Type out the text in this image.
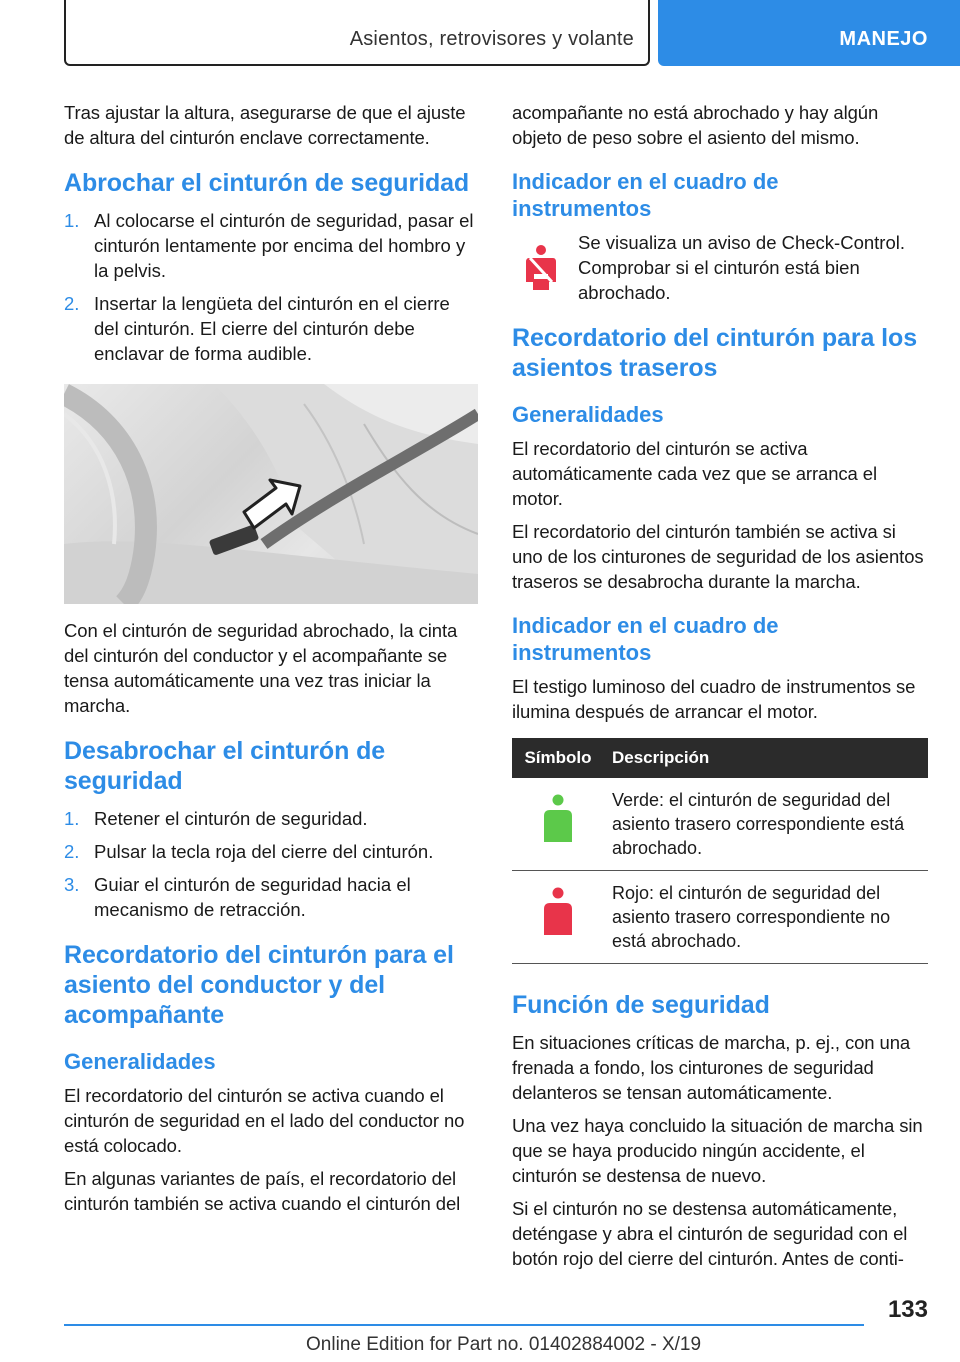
Asientos, retrovisores y volante	MANEJO

Tras ajustar la altura, asegurarse de que el ajuste de altura del cinturón enclave correctamente.

Abrochar el cinturón de seguridad
1. Al colocarse el cinturón de seguridad, pasar el cinturón lentamente por encima del hombro y la pelvis.
2. Insertar la lengüeta del cinturón en el cierre del cinturón. El cierre del cinturón debe enclavar de forma audible.

Con el cinturón de seguridad abrochado, la cinta del cinturón del conductor y el acompañante se tensa automáticamente una vez tras iniciar la marcha.

Desabrochar el cinturón de seguridad
1. Retener el cinturón de seguridad.
2. Pulsar la tecla roja del cierre del cinturón.
3. Guiar el cinturón de seguridad hacia el mecanismo de retracción.
Recordatorio del cinturón para el asiento del conductor y del acompañante
Generalidades

El recordatorio del cinturón se activa cuando el cinturón de seguridad en el lado del conductor no está colocado.

En algunas variantes de país, el recordatorio del cinturón también se activa cuando el cinturón del

acompañante no está abrochado y hay algún objeto de peso sobre el asiento del mismo.

Indicador en el cuadro de instrumentos
Se visualiza un aviso de Check-Control. Comprobar si el cinturón está bien abrochado.
Recordatorio del cinturón para los asientos traseros
Generalidades

El recordatorio del cinturón se activa automáticamente cada vez que se arranca el motor.

El recordatorio del cinturón también se activa si uno de los cinturones de seguridad de los asientos traseros se desabrocha durante la marcha.

Indicador en el cuadro de instrumentos

El testigo luminoso del cuadro de instrumentos se ilumina después de arrancar el motor.

Símbolo	Descripción
	Verde: el cinturón de seguridad del asiento trasero correspondiente está abrochado.
	Rojo: el cinturón de seguridad del asiento trasero correspondiente no está abrochado.
Función de seguridad

En situaciones críticas de marcha, p. ej., con una frenada a fondo, los cinturones de seguridad delanteros se tensan automáticamente.

Una vez haya concluido la situación de marcha sin que se haya producido ningún accidente, el cinturón se destensa de nuevo.

Si el cinturón no se destensa automáticamente, deténgase y abra el cinturón de seguridad con el botón rojo del cierre del cinturón. Antes de conti-

133
Online Edition for Part no. 01402884002 - X/19
